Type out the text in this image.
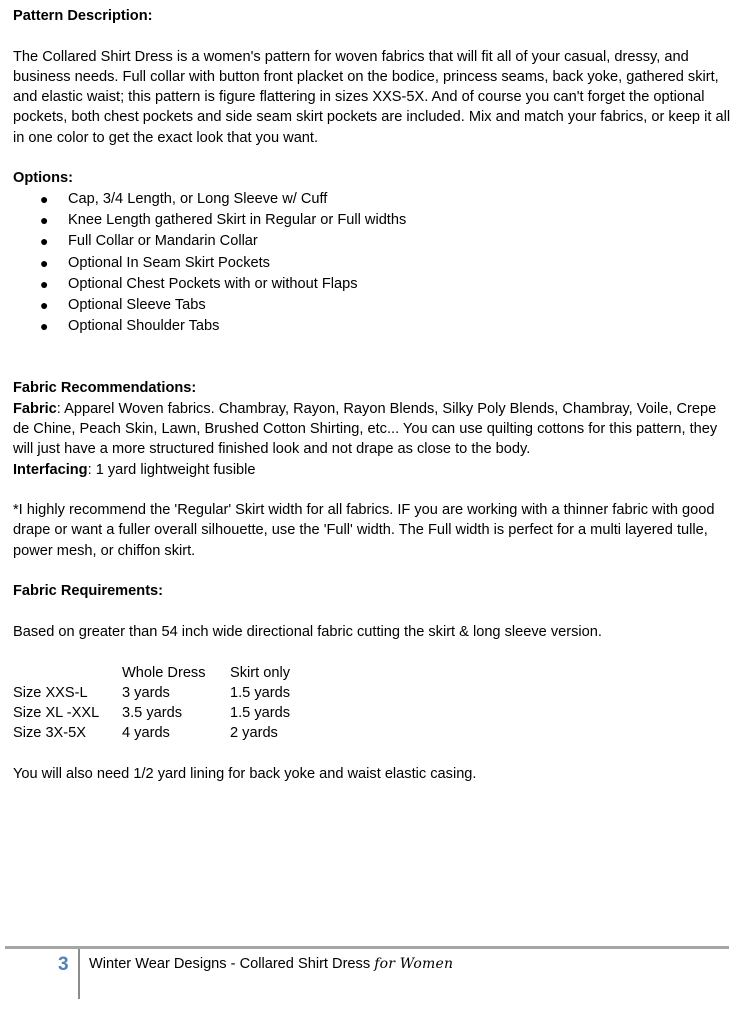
Pattern Description:

The Collared Shirt Dress is a women's pattern for woven fabrics that will fit all of your casual, dressy, and business needs. Full collar with button front placket on the bodice, princess seams, back yoke, gathered skirt, and elastic waist; this pattern is figure flattering in sizes XXS-5X. And of course you can't forget the optional pockets, both chest pockets and side seam skirt pockets are included. Mix and match your fabrics, or keep it all in one color to get the exact look that you want.

Options:

● Cap, 3/4 Length, or Long Sleeve w/ Cuff
● Knee Length gathered Skirt in Regular or Full widths
● Full Collar or Mandarin Collar
● Optional In Seam Skirt Pockets
● Optional Chest Pockets with or without Flaps
● Optional Sleeve Tabs
● Optional Shoulder Tabs

Fabric Recommendations:

Fabric: Apparel Woven fabrics. Chambray, Rayon, Rayon Blends, Silky Poly Blends, Chambray, Voile, Crepe de Chine, Peach Skin, Lawn, Brushed Cotton Shirting, etc... You can use quilting cottons for this pattern, they will just have a more structured finished look and not drape as close to the body.

Interfacing: 1 yard lightweight fusible

*I highly recommend the 'Regular' Skirt width for all fabrics. IF you are working with a thinner fabric with good drape or want a fuller overall silhouette, use the 'Full' width. The Full width is perfect for a multi layered tulle, power mesh, or chiffon skirt.

Fabric Requirements:

Based on greater than 54 inch wide directional fabric cutting the skirt & long sleeve version.

	Whole Dress	Skirt only
Size XXS-L	3 yards	1.5 yards
Size XL -XXL	3.5 yards	1.5 yards
Size 3X-5X	4 yards	2 yards

You will also need 1/2 yard lining for back yoke and waist elastic casing.

3 Winter Wear Designs - Collared Shirt Dress for Women
